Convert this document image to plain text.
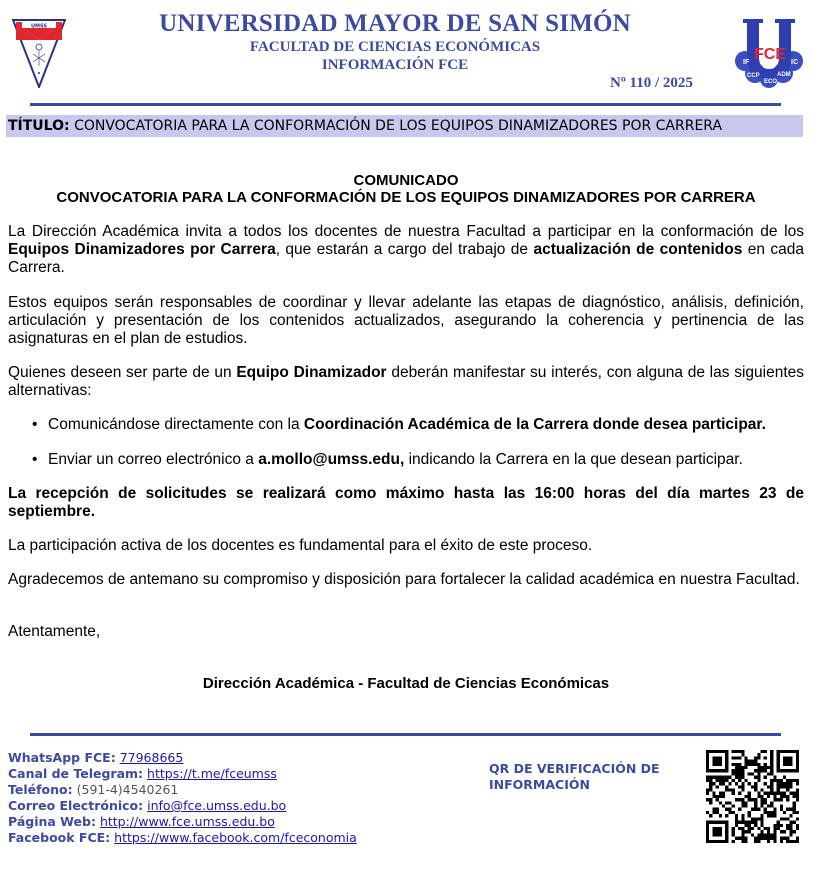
UMSS	UNIVERSIDAD MAYOR DE SAN SIMÓN
FACULTAD DE CIENCIAS ECONÓMICAS
INFORMACIÓN FCE
Nº 110 / 2025
FCE
IF
CCP
ECO
ADM
IC
TÍTULO: CONVOCATORIA PARA LA CONFORMACIÓN DE LOS EQUIPOS DINAMIZADORES POR CARRERA
COMUNICADO
CONVOCATORIA PARA LA CONFORMACIÓN DE LOS EQUIPOS DINAMIZADORES POR CARRERA
La Dirección Académica invita a todos los docentes de nuestra Facultad a participar en la conformación de los Equipos Dinamizadores por Carrera, que estarán a cargo del trabajo de actualización de contenidos en cada Carrera.
Estos equipos serán responsables de coordinar y llevar adelante las etapas de diagnóstico, análisis, definición, articulación y presentación de los contenidos actualizados, asegurando la coherencia y pertinencia de las asignaturas en el plan de estudios.
Quienes deseen ser parte de un Equipo Dinamizador deberán manifestar su interés, con alguna de las siguientes alternativas:
• Comunicándose directamente con la Coordinación Académica de la Carrera donde desea participar.
• Enviar un correo electrónico a a.mollo@umss.edu, indicando la Carrera en la que desean participar.
La recepción de solicitudes se realizará como máximo hasta las 16:00 horas del día martes 23 de septiembre.
La participación activa de los docentes es fundamental para el éxito de este proceso.
Agradecemos de antemano su compromiso y disposición para fortalecer la calidad académica en nuestra Facultad.
Atentamente,
Dirección Académica - Facultad de Ciencias Económicas
WhatsApp FCE: 77968665
Canal de Telegram: https://t.me/fceumss
Teléfono: (591-4)4540261
Correo Electrónico: info@fce.umss.edu.bo
Página Web: http://www.fce.umss.edu.bo
Facebook FCE: https://www.facebook.com/fceconomia
QR DE VERIFICACIÓN DE INFORMACIÓN
